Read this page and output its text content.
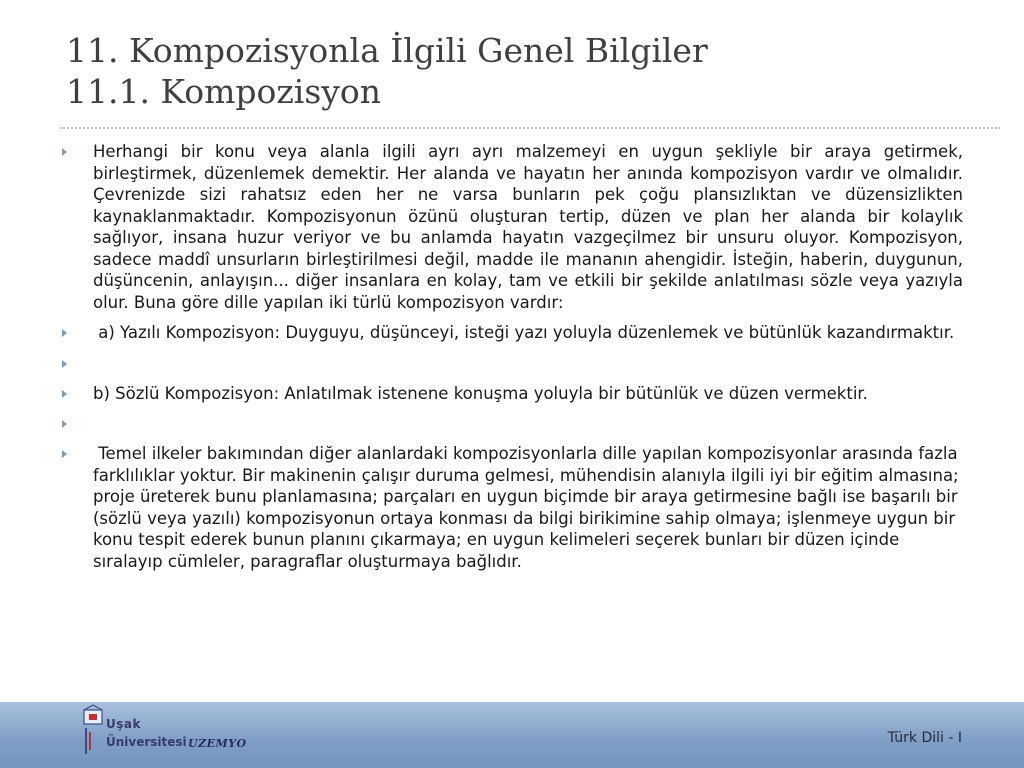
11. Kompozisyonla İlgili Genel Bilgiler
11.1. Kompozisyon
Herhangi bir konu veya alanla ilgili ayrı ayrı malzemeyi en uygun şekliyle bir araya getirmek, birleştirmek, düzenlemek demektir. Her alanda ve hayatın her anında kompozisyon vardır ve olmalıdır. Çevrenizde sizi rahatsız eden her ne varsa bunların pek çoğu plansızlıktan ve düzensizlikten kaynaklanmaktadır. Kompozisyonun özünü oluşturan tertip, düzen ve plan her alanda bir kolaylık sağlıyor, insana huzur veriyor ve bu anlamda hayatın vazgeçilmez bir unsuru oluyor. Kompozisyon, sadece maddî unsurların birleştirilmesi değil, madde ile mananın ahengidir. İsteğin, haberin, duygunun, düşüncenin, anlayışın... diğer insanlara en kolay, tam ve etkili bir şekilde anlatılması sözle veya yazıyla olur. Buna göre dille yapılan iki türlü kompozisyon vardır:
a) Yazılı Kompozisyon: Duyguyu, düşünceyi, isteği yazı yoluyla düzenlemek ve bütünlük kazandırmaktır.
b) Sözlü Kompozisyon: Anlatılmak istenene konuşma yoluyla bir bütünlük ve düzen vermektir.
Temel ilkeler bakımından diğer alanlardaki kompozisyonlarla dille yapılan kompozisyonlar arasında fazla farklılıklar yoktur. Bir makinenin çalışır duruma gelmesi, mühendisin alanıyla ilgili iyi bir eğitim almasına; proje üreterek bunu planlamasına; parçaları en uygun biçimde bir araya getirmesine bağlı ise başarılı bir (sözlü veya yazılı) kompozisyonun ortaya konması da bilgi birikimine sahip olmaya; işlenmeye uygun bir konu tespit ederek bunun planını çıkarmaya; en uygun kelimeleri seçerek bunları bir düzen içinde sıralayıp cümleler, paragraflar oluşturmaya bağlıdır.
Uşak
Üniversitesi UZEMYO	Türk Dili - I
